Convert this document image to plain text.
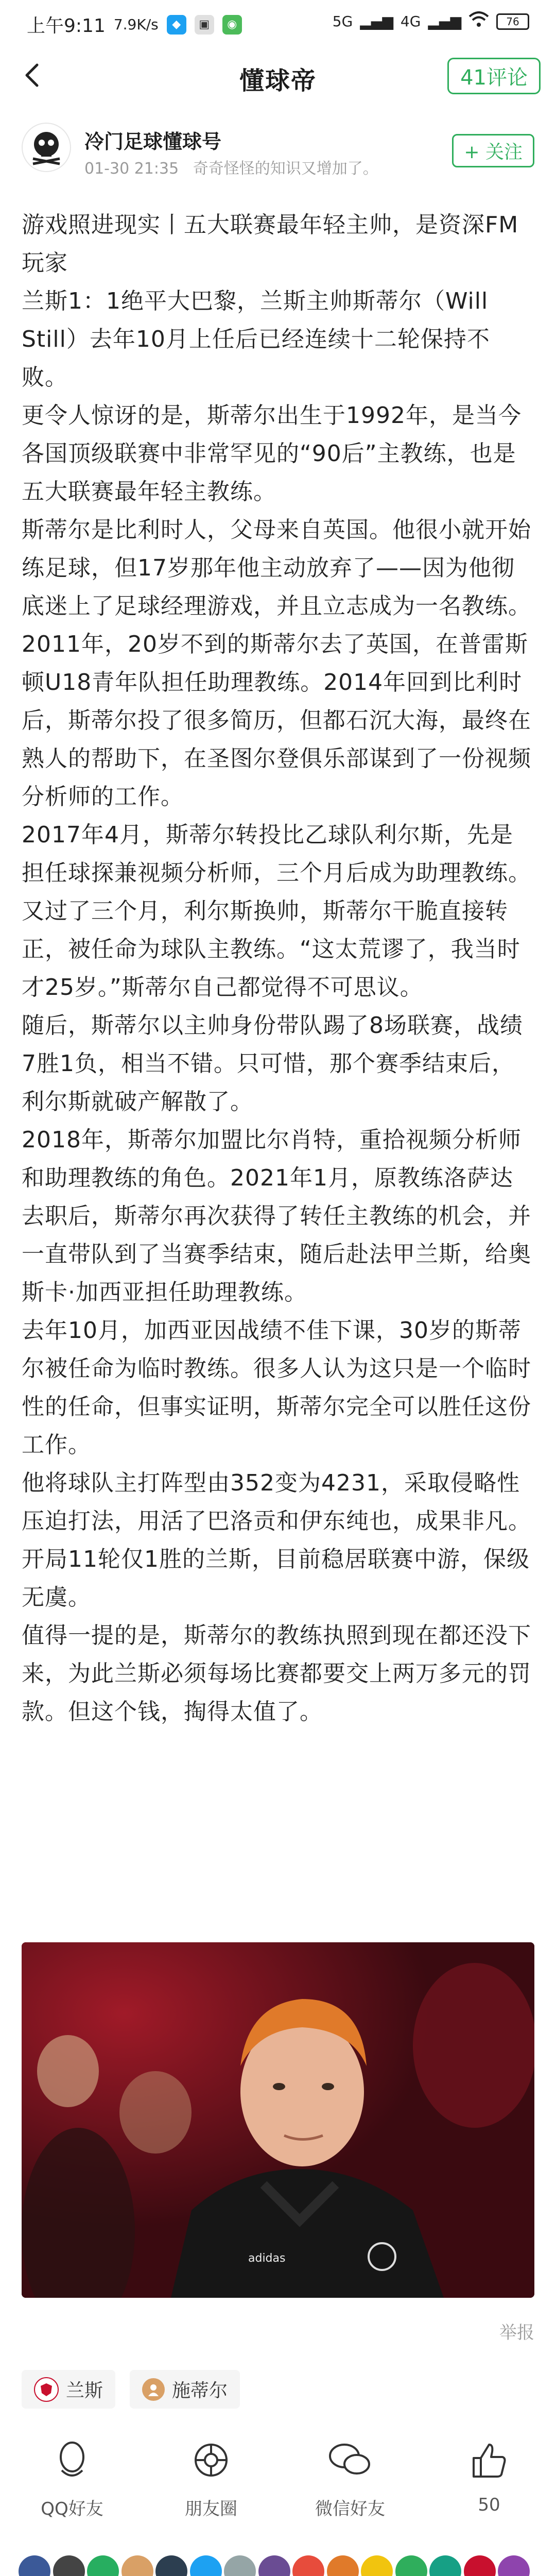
上午9:11 7.9K/s	◆	▣	◉	5G ▂▄▆ 4G ▂▄▆	76
懂球帝	41评论
冷门足球懂球号
01-30 21:35 奇奇怪怪的知识又增加了。
+ 关注

游戏照进现实丨五大联赛最年轻主帅，是资深FM玩家

兰斯1：1绝平大巴黎，兰斯主帅斯蒂尔（Will Still）去年10月上任后已经连续十二轮保持不败。

更令人惊讶的是，斯蒂尔出生于1992年，是当今各国顶级联赛中非常罕见的“90后”主教练，也是五大联赛最年轻主教练。

斯蒂尔是比利时人，父母来自英国。他很小就开始练足球，但17岁那年他主动放弃了——因为他彻底迷上了足球经理游戏，并且立志成为一名教练。

2011年，20岁不到的斯蒂尔去了英国，在普雷斯顿U18青年队担任助理教练。2014年回到比利时后，斯蒂尔投了很多简历，但都石沉大海，最终在熟人的帮助下，在圣图尔登俱乐部谋到了一份视频分析师的工作。

2017年4月，斯蒂尔转投比乙球队利尔斯，先是担任球探兼视频分析师，三个月后成为助理教练。

又过了三个月，利尔斯换帅，斯蒂尔干脆直接转正，被任命为球队主教练。“这太荒谬了，我当时才25岁。”斯蒂尔自己都觉得不可思议。

随后，斯蒂尔以主帅身份带队踢了8场联赛，战绩7胜1负，相当不错。只可惜，那个赛季结束后，利尔斯就破产解散了。

2018年，斯蒂尔加盟比尔肖特，重拾视频分析师和助理教练的角色。2021年1月，原教练洛萨达去职后，斯蒂尔再次获得了转任主教练的机会，并一直带队到了当赛季结束，随后赴法甲兰斯，给奥斯卡·加西亚担任助理教练。

去年10月，加西亚因战绩不佳下课，30岁的斯蒂尔被任命为临时教练。很多人认为这只是一个临时性的任命，但事实证明，斯蒂尔完全可以胜任这份工作。

他将球队主打阵型由352变为4231，采取侵略性压迫打法，用活了巴洛贡和伊东纯也，成果非凡。开局11轮仅1胜的兰斯，目前稳居联赛中游，保级无虞。

值得一提的是，斯蒂尔的教练执照到现在都还没下来，为此兰斯必须每场比赛都要交上两万多元的罚款。但这个钱，掏得太值了。

adidas
举报
兰斯	施蒂尔
QQ好友	朋友圈	微信好友	50
